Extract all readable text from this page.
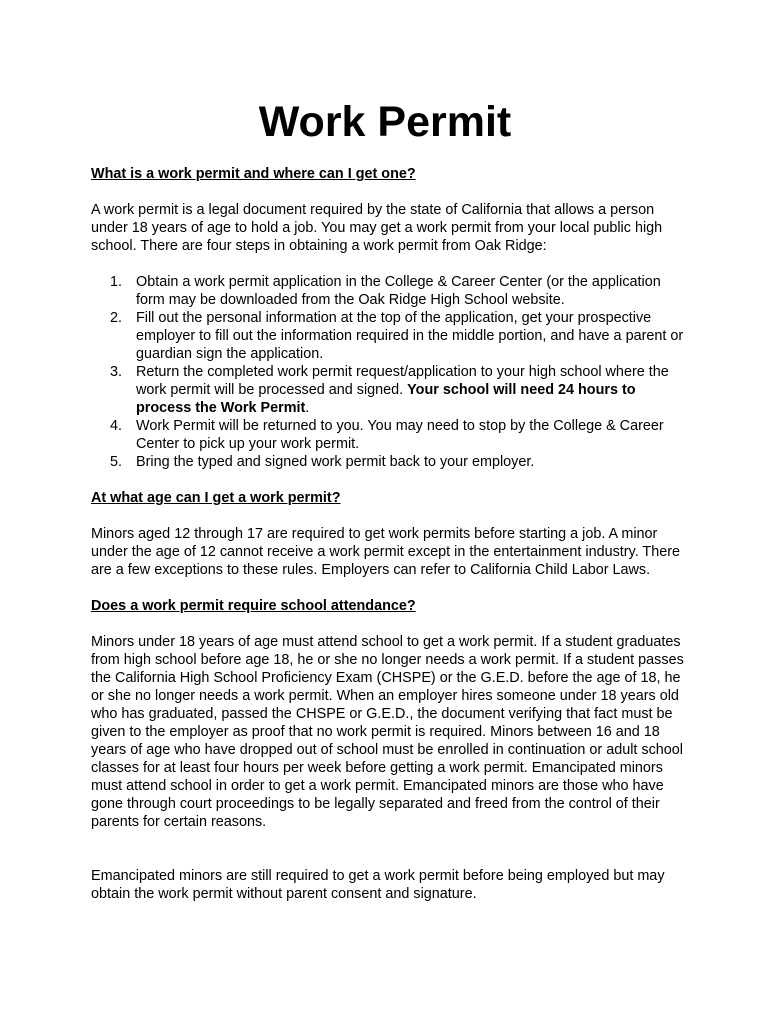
Work Permit

What is a work permit and where can I get one?

A work permit is a legal document required by the state of California that allows a person under 18 years of age to hold a job. You may get a work permit from your local public high school. There are four steps in obtaining a work permit from Oak Ridge:

1. Obtain a work permit application in the College & Career Center (or the application form may be downloaded from the Oak Ridge High School website.
2. Fill out the personal information at the top of the application, get your prospective employer to fill out the information required in the middle portion, and have a parent or guardian sign the application.
3. Return the completed work permit request/application to your high school where the work permit will be processed and signed. Your school will need 24 hours to process the Work Permit.
4. Work Permit will be returned to you. You may need to stop by the College & Career Center to pick up your work permit.
5. Bring the typed and signed work permit back to your employer.

At what age can I get a work permit?

Minors aged 12 through 17 are required to get work permits before starting a job. A minor under the age of 12 cannot receive a work permit except in the entertainment industry. There are a few exceptions to these rules. Employers can refer to California Child Labor Laws.

Does a work permit require school attendance?

Minors under 18 years of age must attend school to get a work permit. If a student graduates from high school before age 18, he or she no longer needs a work permit. If a student passes the California High School Proficiency Exam (CHSPE) or the G.E.D. before the age of 18, he or she no longer needs a work permit. When an employer hires someone under 18 years old who has graduated, passed the CHSPE or G.E.D., the document verifying that fact must be given to the employer as proof that no work permit is required. Minors between 16 and 18 years of age who have dropped out of school must be enrolled in continuation or adult school classes for at least four hours per week before getting a work permit. Emancipated minors must attend school in order to get a work permit. Emancipated minors are those who have gone through court proceedings to be legally separated and freed from the control of their parents for certain reasons.

Emancipated minors are still required to get a work permit before being employed but may obtain the work permit without parent consent and signature.
